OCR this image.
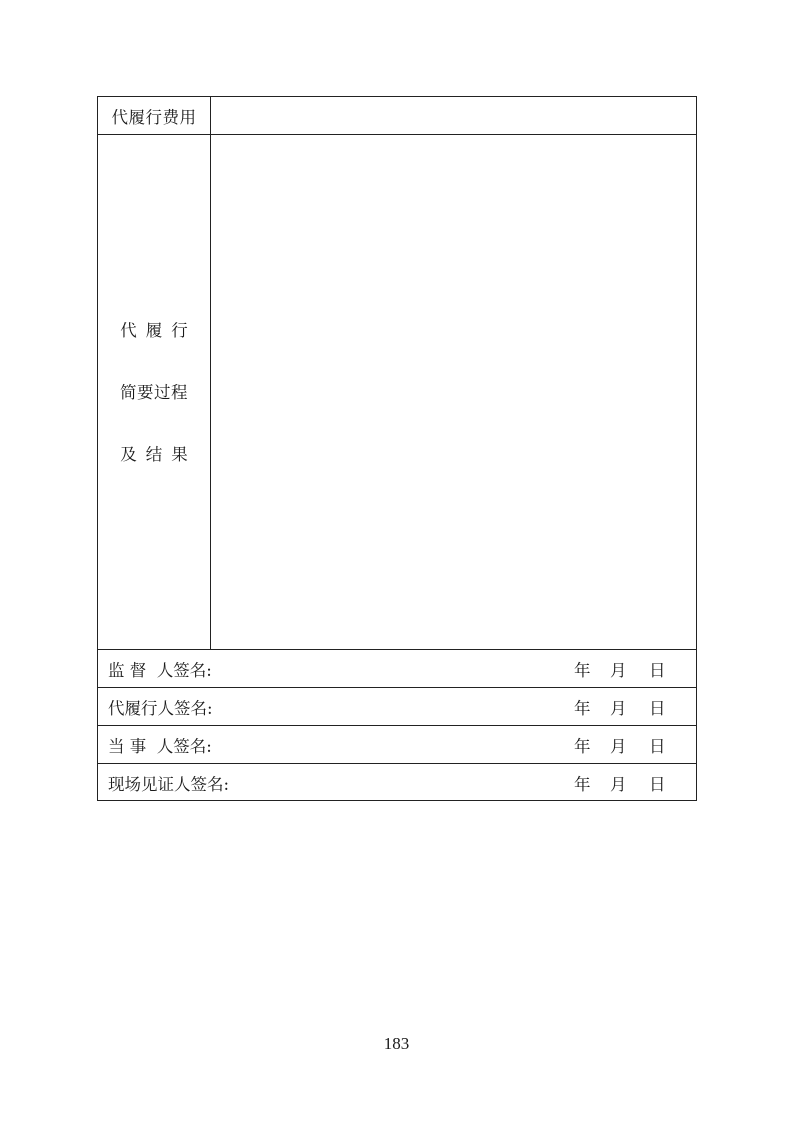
代履行费用
代履行
简要过程
及结果
监 督  人签名:	年 月 日
代履行人签名:	年 月 日
当 事  人签名:	年 月 日
现场见证人签名:	年 月 日
183
